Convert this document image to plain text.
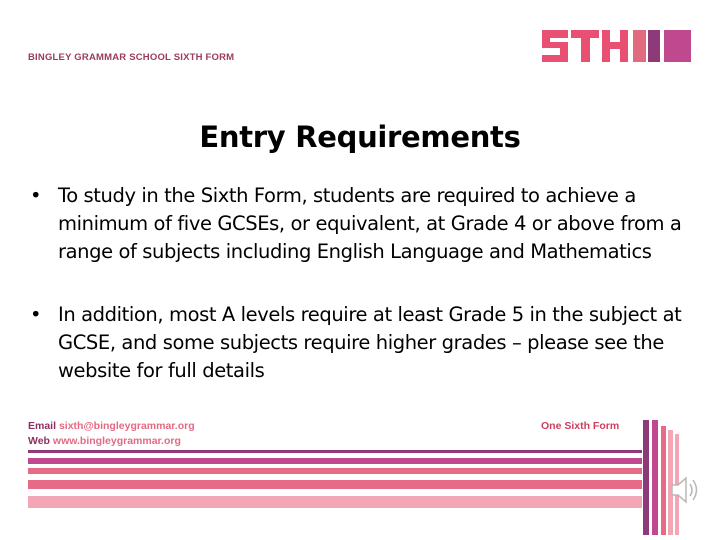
BINGLEY GRAMMAR SCHOOL SIXTH FORM
Entry Requirements
• To study in the Sixth Form, students are required to achieve a minimum of five GCSEs, or equivalent, at Grade 4 or above from a range of subjects including English Language and Mathematics
• In addition, most A levels require at least Grade 5 in the subject at GCSE, and some subjects require higher grades – please see the website for full details
Email sixth@bingleygrammar.org
Web www.bingleygrammar.org
One Sixth Form
